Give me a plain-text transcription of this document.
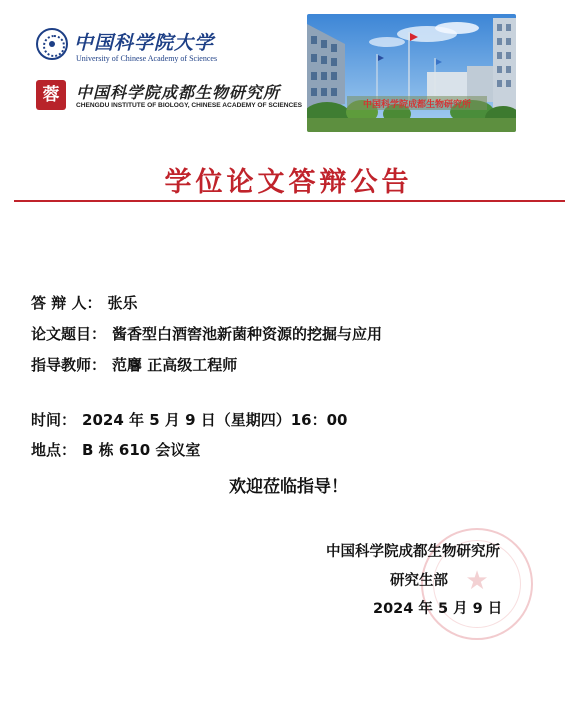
中国科学院大学
University of Chinese Academy of Sciences
蓉	中国科学院成都生物研究所
CHENGDU INSTITUTE OF BIOLOGY, CHINESE ACADEMY OF SCIENCES	中国科学院成都生物研究所
学位论文答辩公告
答 辩 人： 张乐
论文题目： 酱香型白酒窖池新菌种资源的挖掘与应用
指导教师： 范麘 正高级工程师
时间： 2024 年 5 月 9 日（星期四）16：00
地点： B 栋 610 会议室
欢迎莅临指导！
★
中国科学院成都生物研究所
研究生部
2024 年 5 月 9 日
